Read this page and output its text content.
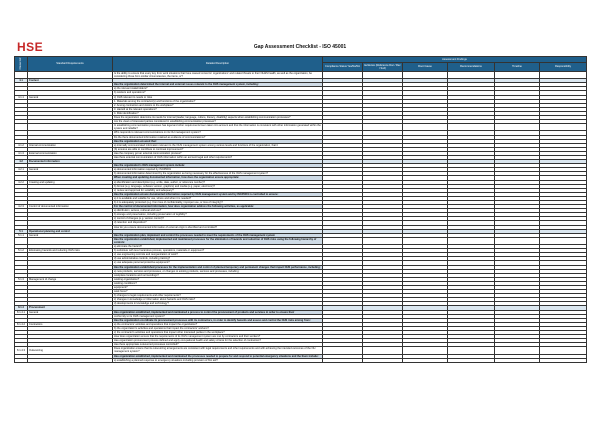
HSE	Gap Assessment Checklist - ISO 45001
Clause Ref.	Standard Requirements	Detailed Description	Assessment Findings					
			Compliance Status Yes/No/NA	Evidence (Reference Doc / Rec / Svd)	Root Cause	Recommendations	Timeline	Responsibility
		Is the ability to ensure that every key from work situations that have caused concerns' organizations' and related threats to their OH&S health, as well as the organization, be considering those from similar circumstances, the items, or?						
4.1	Context							
		Has the organization determined the internal and external issues relevant to the OHS management system, including:						
		a) the relevant stakeholders?						
		b) workers and operations?						
4.1.1	General	c) OHS relevant to needs or risks						
		1. Materials among the contractor(s) and functions of the organization?						
		2. Among contractors and visitors to the workplace?						
		3. Hazard at the relevant operations?						
		4. Risk identification?						
		Does the organization determine its needs for internal (leader, language, culture, literacy, disability) aspects when establishing communication processes?						
		Are the views of interested parties considered in establishing communication processes?						
		In establishing communication processes has legal and other requirements been taken into account and that the information is consistent with other information generated within the system and reliable?						
		Who responds to relevant communications on its OH management system?						
		Do the there documented information retained as evidence of communications?						
		Has the organization ensured that:						
4.1.2	Internal communication	a) internally communicated information relevant to the OHS management system among various levels and functions of the organization, that it						
		(b) ensures are able to contribute to continual improvement?						
4.1.3	External communication	Has the company got an external communication process?						
		Has there external communication of OHS information within an account legal and other requirements?						
4.2	Documented information							
		Has the organization's OHS management system include:						
4.2.1	General	a) documented information required by ISO45001						
		b) documented information determined by the organization as being necessary for the effectiveness of the OHS management system?						
		When creating and updating documented information, how does the organization ensure appropriate:						
4.2.2	Creating and updating	a) identification and description (e.g. a title, date, author, or reference number)?						
		b) format (e.g. language, software version, graphics) and media (e.g. paper, electronic)?						
		c) review and approval for suitability and adequacy?						
		Has the organization ensure documented information required by OHS management system and by ISO45001 is controlled to ensure:						
		a) it is available and suitable for use, where and when it is needed?						
		b) it is adequately protected (e.g. from loss of confidentiality, improper use, or loss of integrity)?						
4.2.3	Control of documented information	For the control of documented information, how does organization address the following activities, as applicable:						
		a) distribution, access, retrieval and use?						
		b) storage and preservation, including preservation of legibility?						
		c) control of changes (e.g. version control)?						
		d) retention and disposition?						
		How do you ensure documented information of external origin is identified and controlled?						
5.1	Operational planning and control							
5.1.1	General	Has the organization plan, implement and control the processes needed to meet the requirements of the OHS management system						
		Has the organization established, implemented and maintained processes for the elimination of hazards and reduction of OHS risks using the following hierarchy of controls:						
		a) eliminate the hazard?						
5.1.2	Eliminating hazards and reducing OHS risks	b) substitute with less hazardous process, operations, materials or equipment?						
		c) use engineering controls and reorganization of work?						
		d) use administrative controls, including training?						
		e) use adequate personal protective equipment?						
		Has the organization established processes for the implementation and control of planned temporary and permanent changes that impact OHS performance, including:						
		a) new products, services and processes, or changes to existing products, services and processes, including:						
		workplace locations and surroundings?						
5.1.3	Management of change	working organization?						
		working conditions?						
		equipment?						
		work force?						
		b) changes to legal requirements and other requirements?						
		c) changes in knowledge or information about hazards and OHS risks?						
		d) developments in knowledge and technology?						
8.1.4	Procurement							
8.1.4.1	General	Has organization established, implemented and maintained a process to control the procurement of products and services in order to ensure their						
		conformity to its OHS management system?						
		Has the organization coordinate its procurement processes with its contractors, in order to identify hazards and assess and control the OHS risks arising from:						
8.1.4.2	Contractors	a) the contractors' activities and operations that impact the organization?						
		b) the organization's activities and operations that impact the contractors' workers?						
		c) the contractor's activities and operations that impact other interested parties in the workplace?						
		How does organization ensure that the requirements of its OHS management system are met by contractors and their workers?						
		Has organization procurement process defined and apply occupational health and safety criteria for the selection of contractors?						
		Has there appropriate outsourced processes controlled?						
8.1.4.3	Outsourcing	Does organization ensure that its outsourcing arrangements are consistent with legal requirements and other requirements and with achieving the intended outcomes of the OH management system?						
		Has organization established, implemented and maintained the processes needed to prepare for and respond to potential emergency situations and the them include:						
		a) establishing a planned response to emergency situations including provision of first aid?						
